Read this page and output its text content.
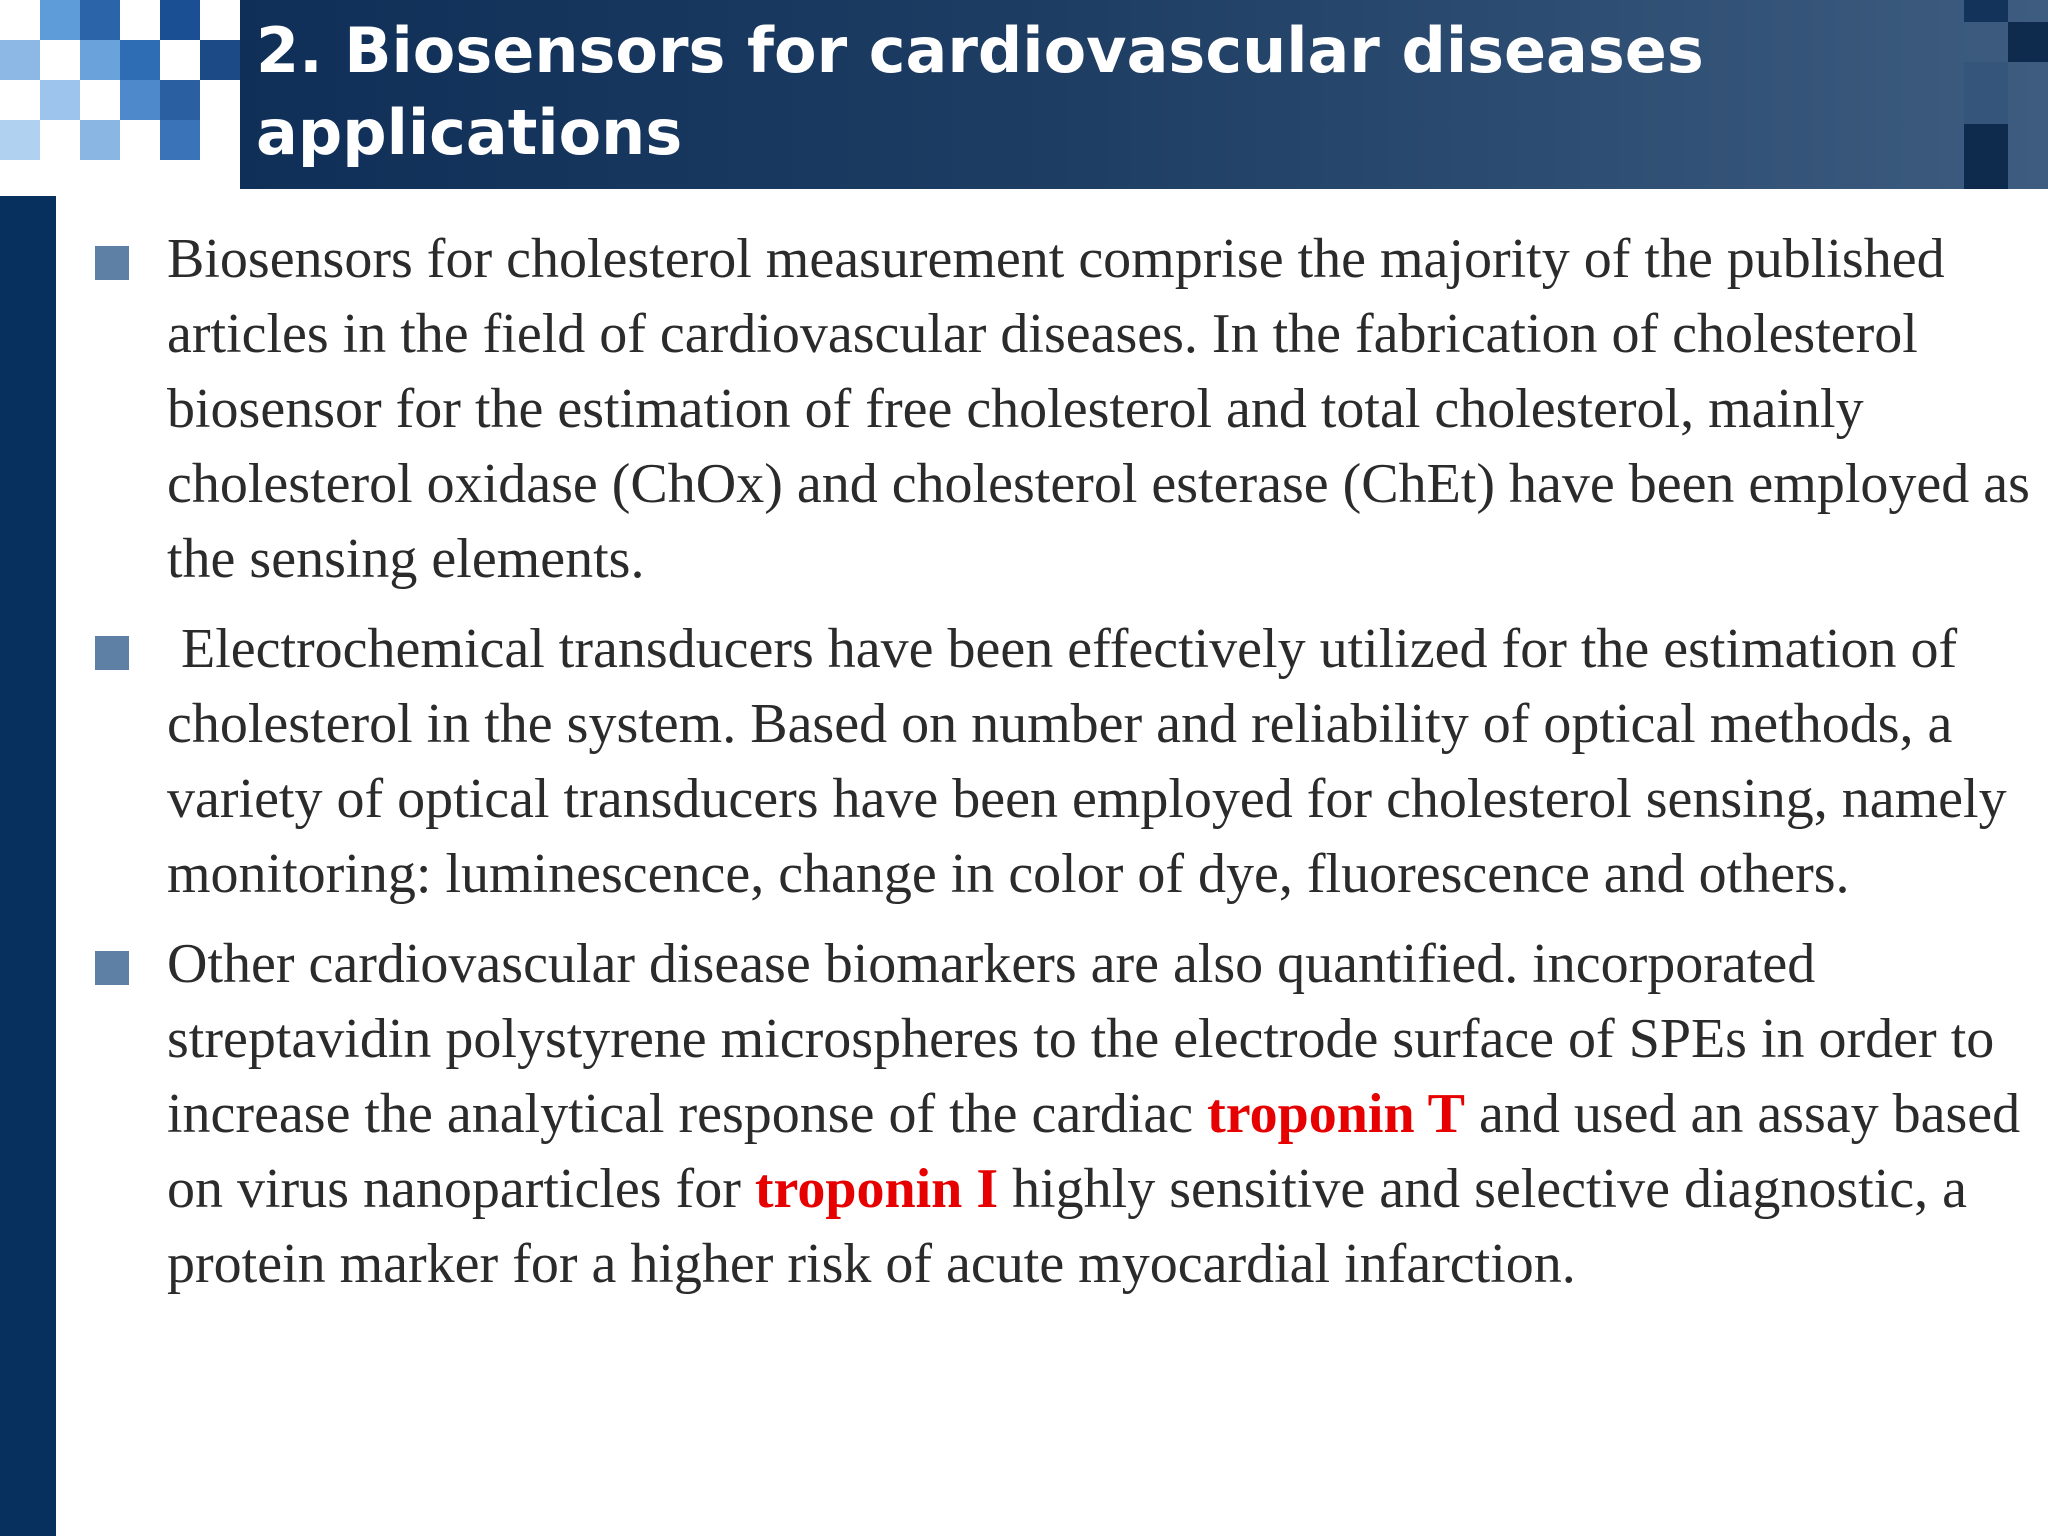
2. Biosensors for cardiovascular diseases applications
Biosensors for cholesterol measurement comprise the majority of the published articles in the field of cardiovascular diseases. In the fabrication of cholesterol biosensor for the estimation of free cholesterol and total cholesterol, mainly cholesterol oxidase (ChOx) and cholesterol esterase (ChEt) have been employed as the sensing elements.
Electrochemical transducers have been effectively utilized for the estimation of cholesterol in the system. Based on number and reliability of optical methods, a variety of optical transducers have been employed for cholesterol sensing, namely monitoring: luminescence, change in color of dye, fluorescence and others.
Other cardiovascular disease biomarkers are also quantified. incorporated streptavidin polystyrene microspheres to the electrode surface of SPEs in order to increase the analytical response of the cardiac troponin T and used an assay based on virus nanoparticles for troponin I highly sensitive and selective diagnostic, a protein marker for a higher risk of acute myocardial infarction.
